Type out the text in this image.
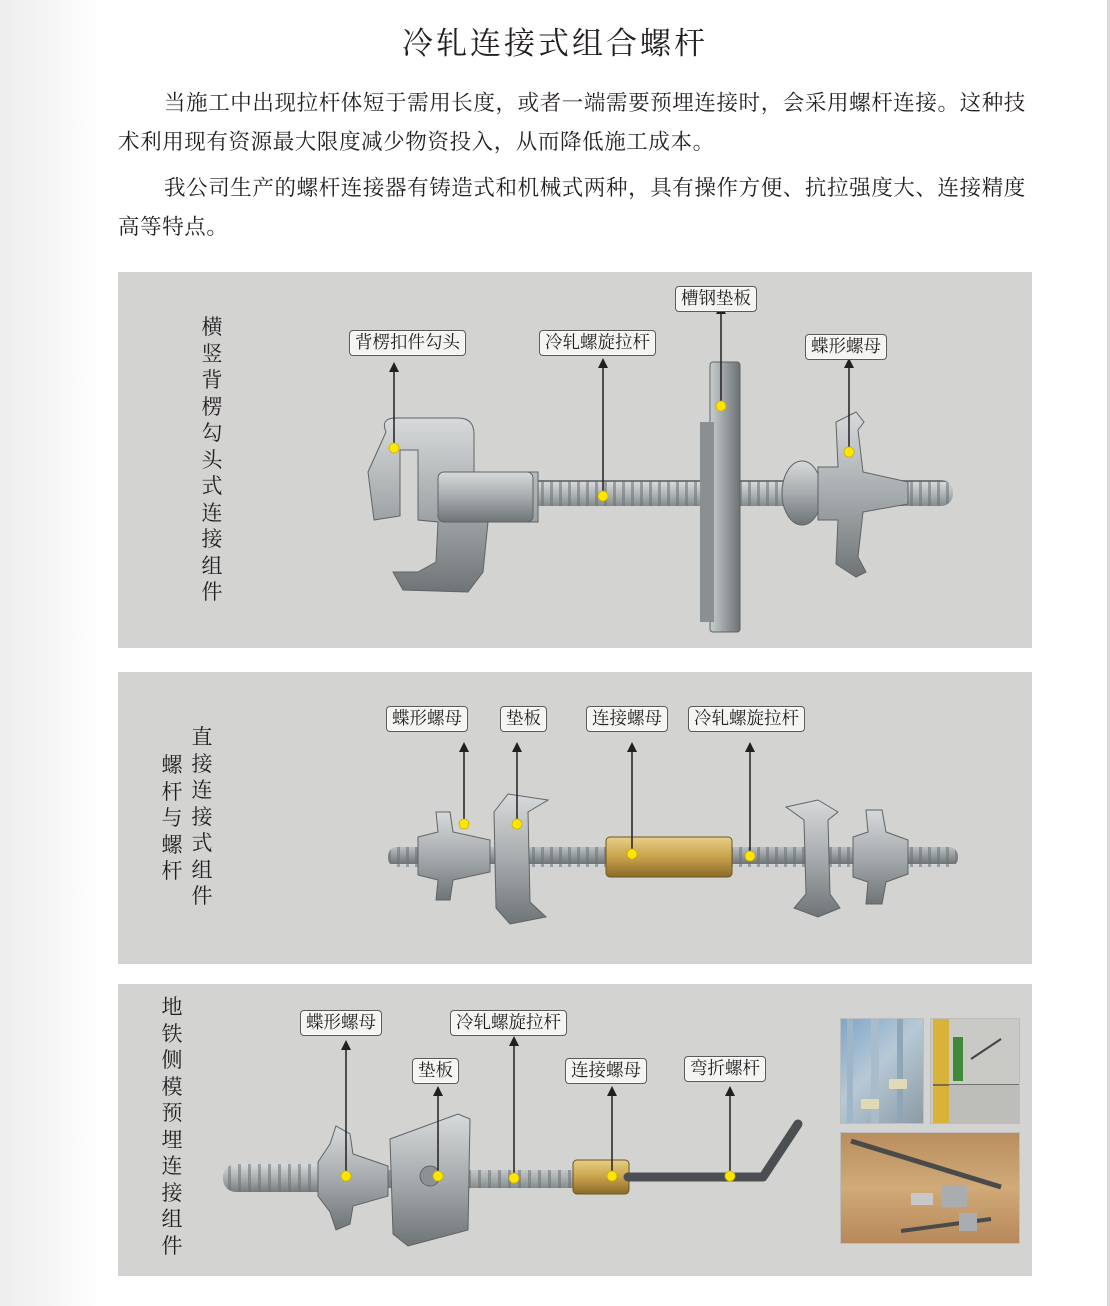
冷轧连接式组合螺杆

当施工中出现拉杆体短于需用长度，或者一端需要预埋连接时，会采用螺杆连接。这种技术利用现有资源最大限度减少物资投入，从而降低施工成本。

我公司生产的螺杆连接器有铸造式和机械式两种，具有操作方便、抗拉强度大、连接精度高等特点。

横
竖
背
楞
勾
头
式
连
接
组
件
背楞扣件勾头	冷轧螺旋拉杆
槽钢垫板
蝶形螺母
螺
杆
与
螺
杆
直
接
连
接
式
组
件
蝶形螺母	垫板	连接螺母	冷轧螺旋拉杆
地
铁
侧
模
预
埋
连
接
组
件
蝶形螺母	冷轧螺旋拉杆
垫板	连接螺母	弯折螺杆
